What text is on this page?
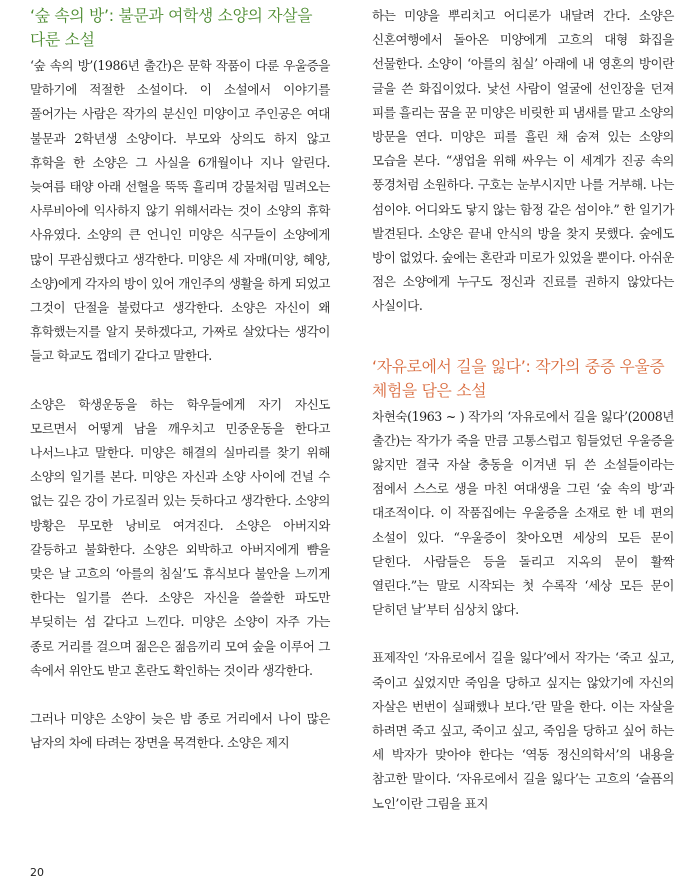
‘숲 속의 방’: 불문과 여학생 소양의 자살을 다룬 소설

‘숲 속의 방’(1986년 출간)은 문학 작품이 다룬 우울증을 말하기에 적절한 소설이다. 이 소설에서 이야기를 풀어가는 사람은 작가의 분신인 미양이고 주인공은 여대 불문과 2학년생 소양이다. 부모와 상의도 하지 않고 휴학을 한 소양은 그 사실을 6개월이나 지나 알린다. 늦여름 태양 아래 선혈을 뚝뚝 흘리며 강물처럼 밀려오는 사루비아에 익사하지 않기 위해서라는 것이 소양의 휴학 사유였다. 소양의 큰 언니인 미양은 식구들이 소양에게 많이 무관심했다고 생각한다. 미양은 세 자매(미양, 혜양, 소양)에게 각자의 방이 있어 개인주의 생활을 하게 되었고 그것이 단절을 불렀다고 생각한다. 소양은 자신이 왜 휴학했는지를 알지 못하겠다고, 가짜로 살았다는 생각이 들고 학교도 껍데기 같다고 말한다.

소양은 학생운동을 하는 학우들에게 자기 자신도 모르면서 어떻게 남을 깨우치고 민중운동을 한다고 나서느냐고 말한다. 미양은 해결의 실마리를 찾기 위해 소양의 일기를 본다. 미양은 자신과 소양 사이에 건널 수 없는 깊은 강이 가로질러 있는 듯하다고 생각한다. 소양의 방황은 무모한 낭비로 여겨진다. 소양은 아버지와 갈등하고 불화한다. 소양은 외박하고 아버지에게 뺨을 맞은 날 고흐의 ‘아를의 침실’도 휴식보다 불안을 느끼게 한다는 일기를 쓴다. 소양은 자신을 쓸쓸한 파도만 부딪히는 섬 같다고 느낀다. 미양은 소양이 자주 가는 종로 거리를 걸으며 젊은은 젊음끼리 모여 숲을 이루어 그 속에서 위안도 받고 혼란도 확인하는 것이라 생각한다.

그러나 미양은 소양이 늦은 밤 종로 거리에서 나이 많은 남자의 차에 타려는 장면을 목격한다. 소양은 제지

하는 미양을 뿌리치고 어디론가 내달려 간다. 소양은 신혼여행에서 돌아온 미양에게 고흐의 대형 화집을 선물한다. 소양이 ‘아를의 침실’ 아래에 내 영혼의 방이란 글을 쓴 화집이었다. 낯선 사람이 얼굴에 선인장을 던져 피를 흘리는 꿈을 꾼 미양은 비릿한 피 냄새를 맡고 소양의 방문을 연다. 미양은 피를 흘린 채 숨져 있는 소양의 모습을 본다. “생업을 위해 싸우는 이 세계가 진공 속의 풍경처럼 소원하다. 구호는 눈부시지만 나를 거부해. 나는 섬이야. 어디와도 닿지 않는 함정 같은 섬이야.” 한 일기가 발견된다. 소양은 끝내 안식의 방을 찾지 못했다. 숲에도 방이 없었다. 숲에는 혼란과 미로가 있었을 뿐이다. 아쉬운 점은 소양에게 누구도 정신과 진료를 권하지 않았다는 사실이다.

‘자유로에서 길을 잃다’: 작가의 중증 우울증 체험을 담은 소설

차현숙(1963 ~ ) 작가의 ‘자유로에서 길을 잃다’(2008년 출간)는 작가가 죽을 만큼 고통스럽고 힘들었던 우울증을 앓지만 결국 자살 충동을 이겨낸 뒤 쓴 소설들이라는 점에서 스스로 생을 마친 여대생을 그린 ‘숲 속의 방’과 대조적이다. 이 작품집에는 우울증을 소재로 한 네 편의 소설이 있다. “우울증이 찾아오면 세상의 모든 문이 닫힌다. 사람들은 등을 돌리고 지옥의 문이 활짝 열린다.”는 말로 시작되는 첫 수록작 ‘세상 모든 문이 닫히던 날’부터 심상치 않다.

표제작인 ‘자유로에서 길을 잃다’에서 작가는 ‘죽고 싶고, 죽이고 싶었지만 죽임을 당하고 싶지는 않았기에 자신의 자살은 번번이 실패했나 보다.’란 말을 한다. 이는 자살을 하려면 죽고 싶고, 죽이고 싶고, 죽임을 당하고 싶어 하는 세 박자가 맞아야 한다는 ‘역동 정신의학서’의 내용을 참고한 말이다. ‘자유로에서 길을 잃다’는 고흐의 ‘슬픔의 노인’이란 그림을 표지

20
